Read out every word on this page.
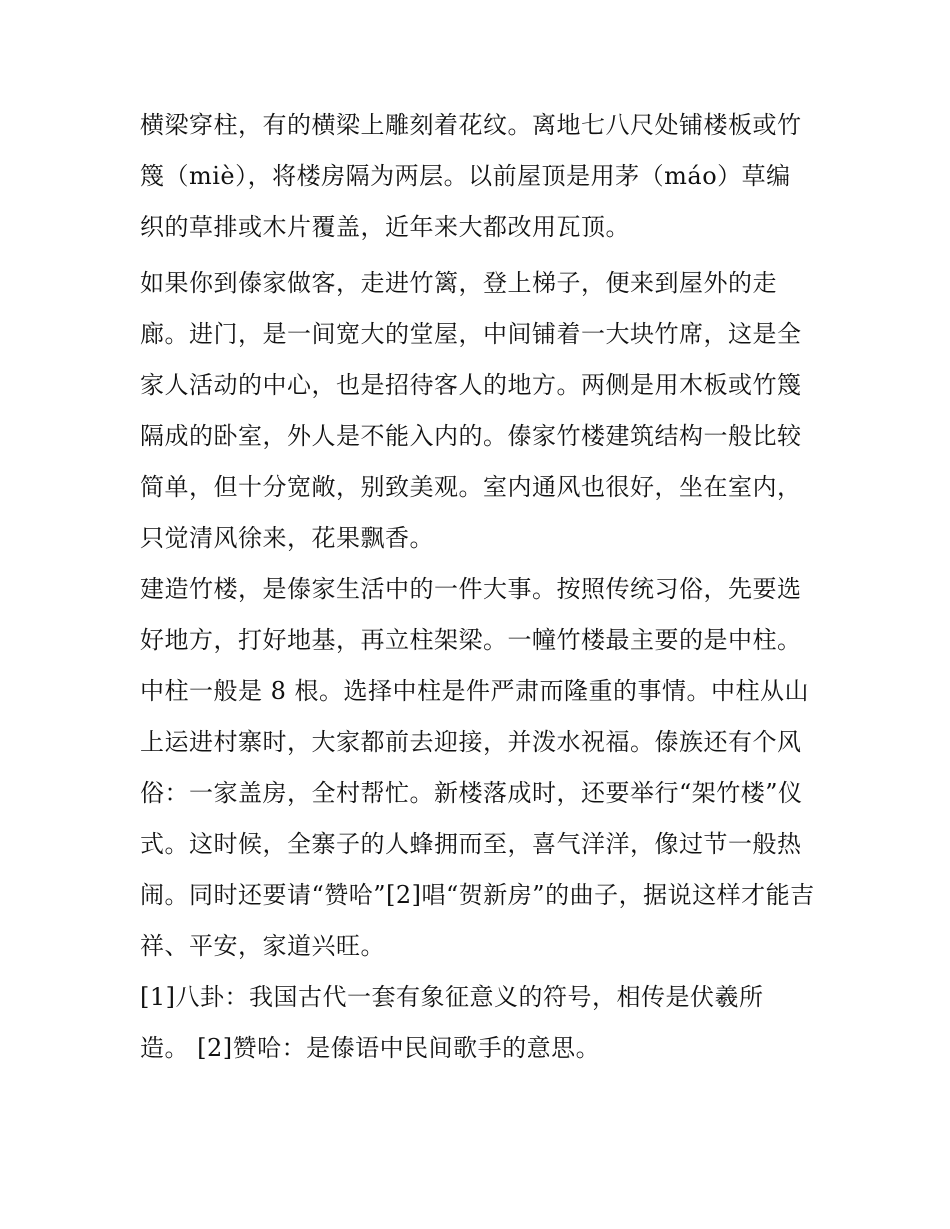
横梁穿柱，有的横梁上雕刻着花纹。离地七八尺处铺楼板或竹
篾（miè），将楼房隔为两层。以前屋顶是用茅（máo）草编
织的草排或木片覆盖，近年来大都改用瓦顶。
如果你到傣家做客，走进竹篱，登上梯子，便来到屋外的走
廊。进门，是一间宽大的堂屋，中间铺着一大块竹席，这是全
家人活动的中心，也是招待客人的地方。两侧是用木板或竹篾
隔成的卧室，外人是不能入内的。傣家竹楼建筑结构一般比较
简单，但十分宽敞，别致美观。室内通风也很好，坐在室内，
只觉清风徐来，花果飘香。
建造竹楼，是傣家生活中的一件大事。按照传统习俗，先要选
好地方，打好地基，再立柱架梁。一幢竹楼最主要的是中柱。
中柱一般是 8 根。选择中柱是件严肃而隆重的事情。中柱从山
上运进村寨时，大家都前去迎接，并泼水祝福。傣族还有个风
俗：一家盖房，全村帮忙。新楼落成时，还要举行“架竹楼”仪
式。这时候，全寨子的人蜂拥而至，喜气洋洋，像过节一般热
闹。同时还要请“赞哈”[2]唱“贺新房”的曲子，据说这样才能吉
祥、平安，家道兴旺。
[1]八卦：我国古代一套有象征意义的符号，相传是伏羲所
造。 [2]赞哈：是傣语中民间歌手的意思。
